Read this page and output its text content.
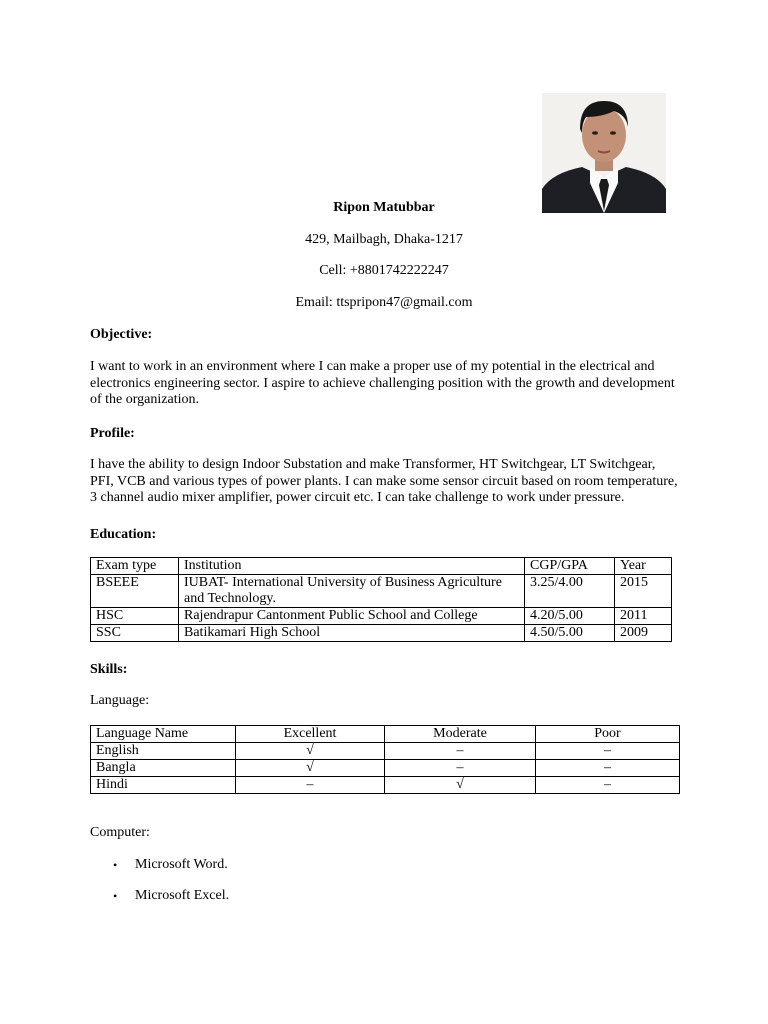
Ripon Matubbar
429, Mailbagh, Dhaka-1217
Cell: +8801742222247
Email: ttspripon47@gmail.com
Objective:
I want to work in an environment where I can make a proper use of my potential in the electrical and
electronics engineering sector. I aspire to achieve challenging position with the growth and development
of the organization.
Profile:
I have the ability to design Indoor Substation and make Transformer, HT Switchgear, LT Switchgear,
PFI, VCB and various types of power plants. I can make some sensor circuit based on room temperature,
3 channel audio mixer amplifier, power circuit etc. I can take challenge to work under pressure.
Education:
Exam type	Institution	CGP/GPA	Year
BSEEE	IUBAT- International University of Business Agriculture and Technology.	3.25/4.00	2015
HSC	Rajendrapur Cantonment Public School and College	4.20/5.00	2011
SSC	Batikamari High School	4.50/5.00	2009
Skills:
Language:
Language Name	Excellent	Moderate	Poor
English	√	–	–
Bangla	√	–	–
Hindi	–	√	–
Computer:
• Microsoft Word.
• Microsoft Excel.
